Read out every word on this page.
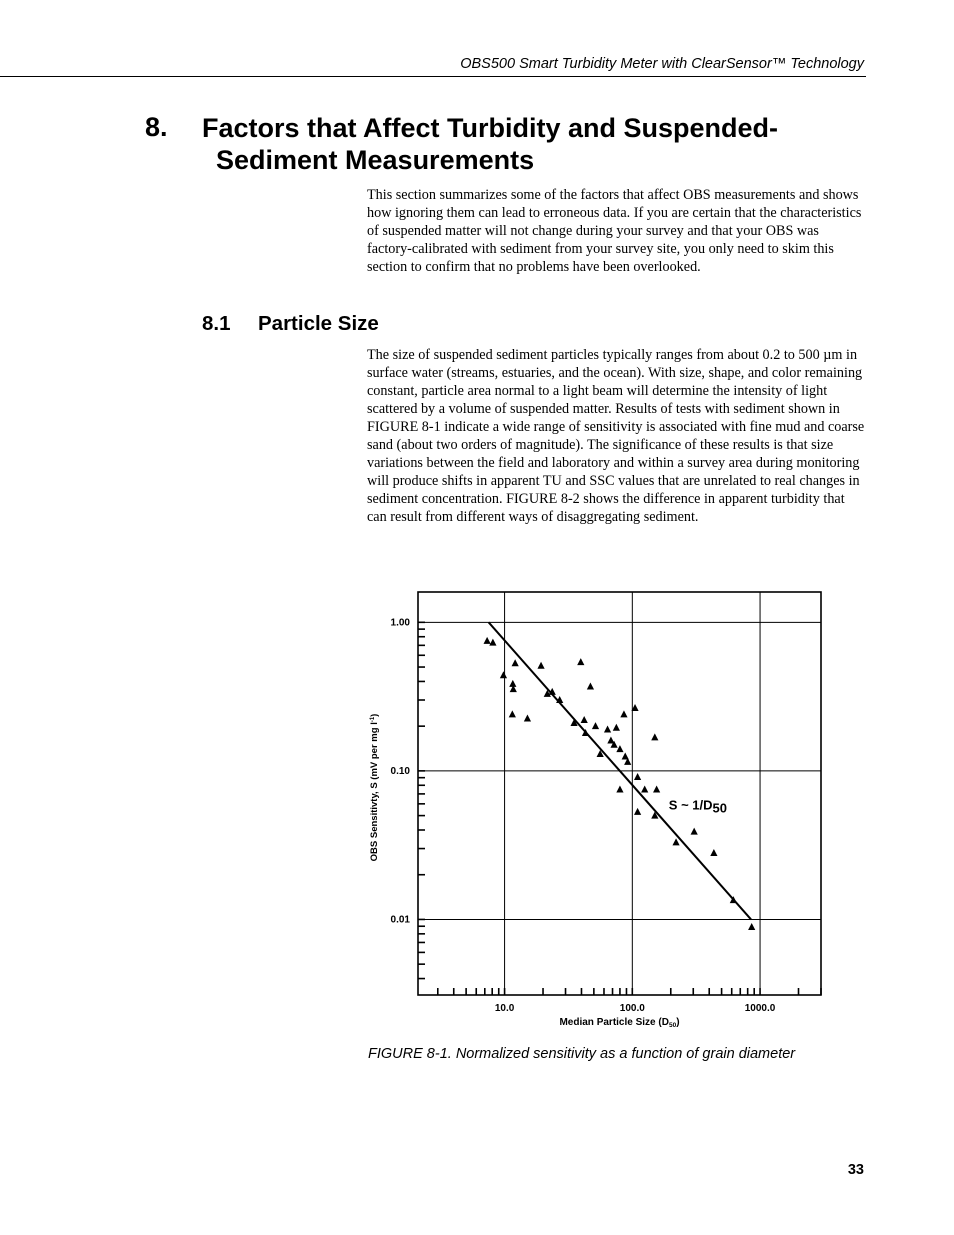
OBS500 Smart Turbidity Meter with ClearSensor™ Technology
8. Factors that Affect Turbidity and Suspended-
Sediment Measurements

This section summarizes some of the factors that affect OBS measurements and shows how ignoring them can lead to erroneous data. If you are certain that the characteristics of suspended matter will not change during your survey and that your OBS was factory-calibrated with sediment from your survey site, you only need to skim this section to confirm that no problems have been overlooked.

8.1 Particle Size

The size of suspended sediment particles typically ranges from about 0.2 to 500 µm in surface water (streams, estuaries, and the ocean). With size, shape, and color remaining constant, particle area normal to a light beam will determine the intensity of light scattered by a volume of suspended matter. Results of tests with sediment shown in FIGURE 8-1 indicate a wide range of sensitivity is associated with fine mud and coarse sand (about two orders of magnitude). The significance of these results is that size variations between the field and laboratory and within a survey area during monitoring will produce shifts in apparent TU and SSC values that are unrelated to real changes in sediment concentration. FIGURE 8-2 shows the difference in apparent turbidity that can result from different ways of disaggregating sediment.

10.0	100.0	1000.0
1.00
0.10
0.01
Median Particle Size $(D_{50})$
OBS Sensitivty, S (mV per mg $l^{-1}$)
S ~ 1/D50
FIGURE 8-1. Normalized sensitivity as a function of grain diameter
33
